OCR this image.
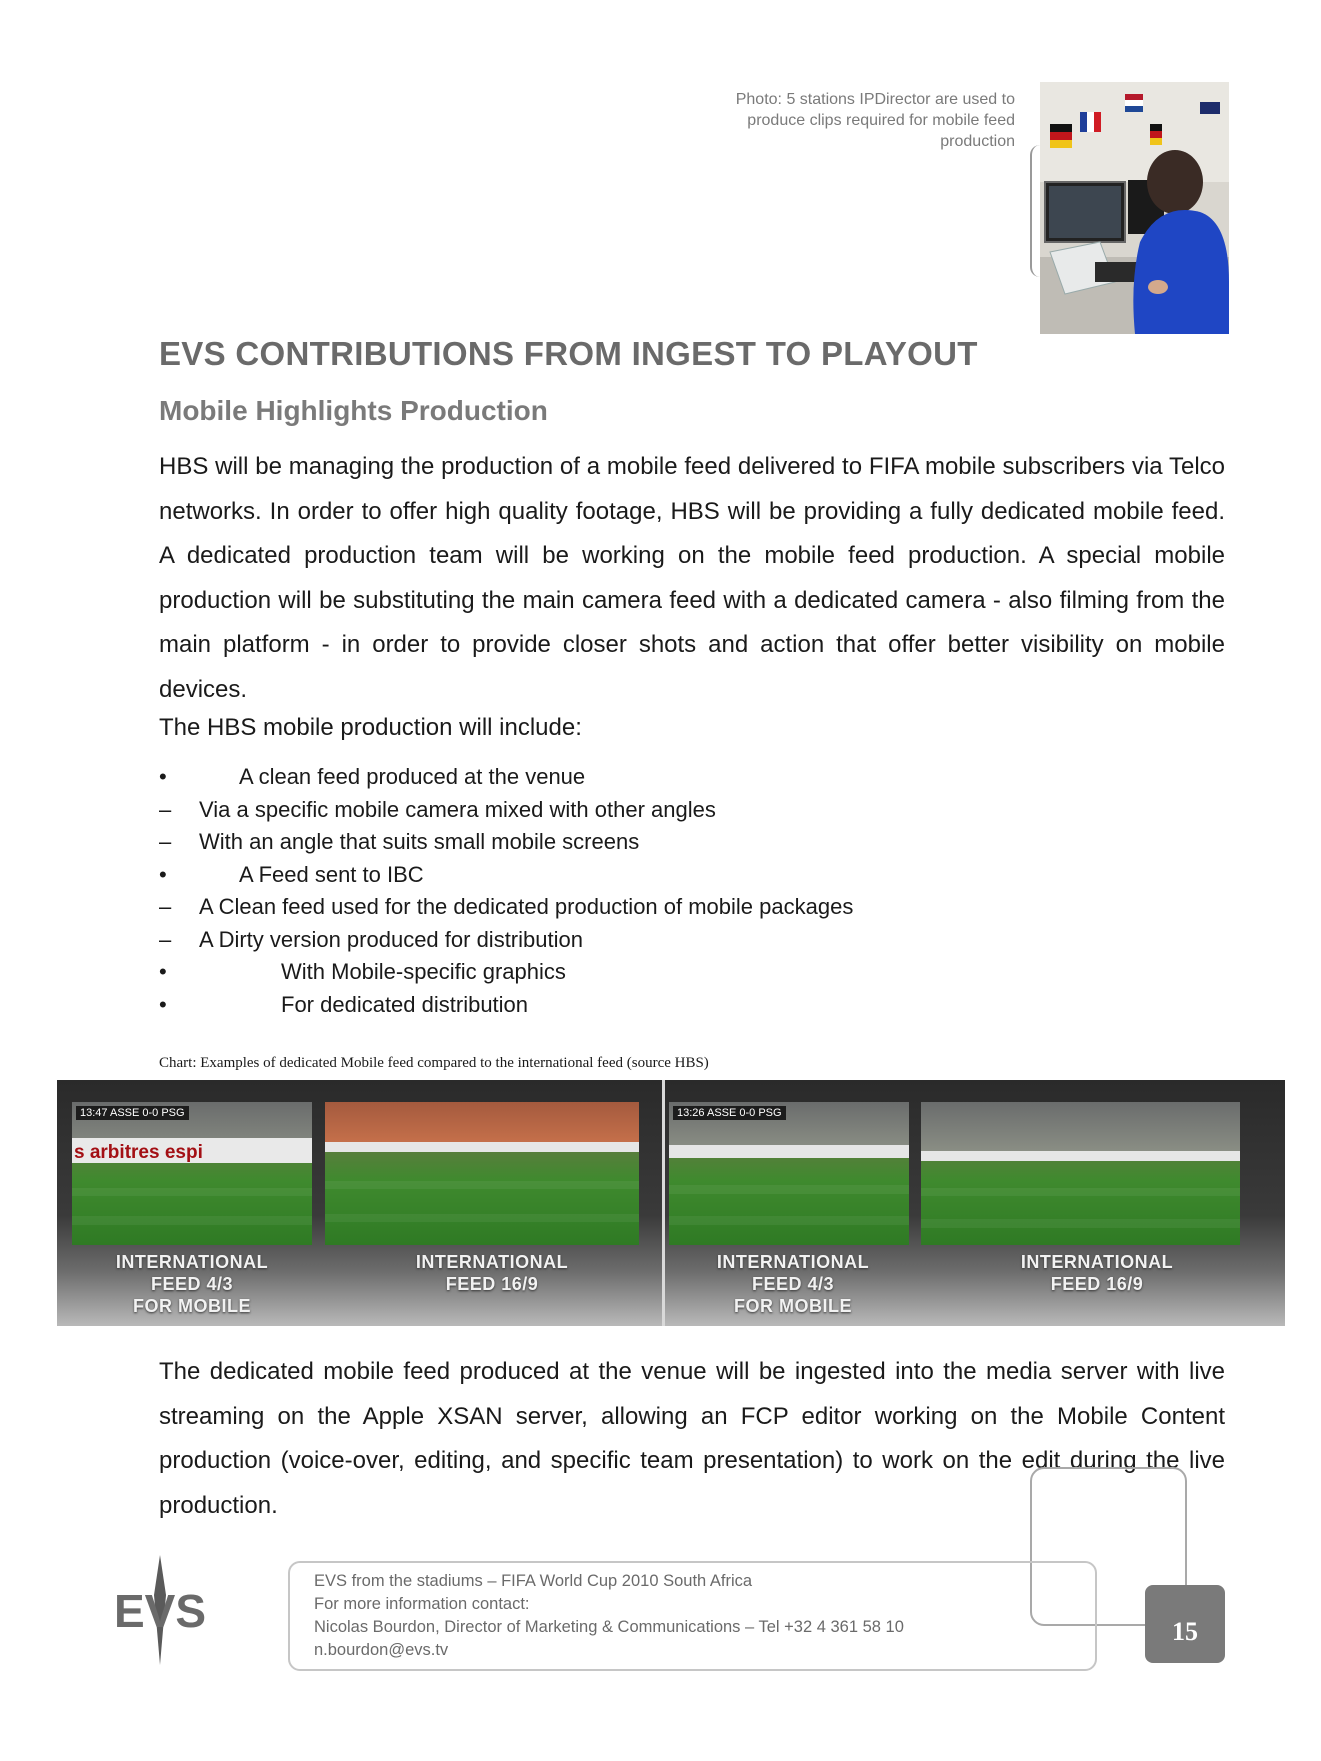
Photo: 5 stations IPDirector are used to
produce clips required for mobile feed
production
EVS CONTRIBUTIONS FROM INGEST TO PLAYOUT
Mobile Highlights Production

HBS will be managing the production of a mobile feed delivered to FIFA mobile subscribers via Telco networks. In order to offer high quality footage, HBS will be providing a fully dedicated mobile feed. A dedicated production team will be working on the mobile feed production. A special mobile production will be substituting the main camera feed with a dedicated camera - also filming from the main platform - in order to provide closer shots and action that offer better visibility on mobile devices.

The HBS mobile production will include:

•	A clean feed produced at the venue
– Via a specific mobile camera mixed with other angles
– With an angle that suits small mobile screens
•	A Feed sent to IBC
– A Clean feed used for the dedicated production of mobile packages
– A Dirty version produced for distribution
•	With Mobile-specific graphics
•	For dedicated distribution
Chart: Examples of dedicated Mobile feed compared to the international feed (source HBS)
13:47 ASSE 0-0 PSG
s arbitres espi
13:26 ASSE 0-0 PSG
INTERNATIONAL
FEED 4/3
FOR MOBILE
INTERNATIONAL
FEED 16/9
INTERNATIONAL
FEED 4/3
FOR MOBILE
INTERNATIONAL
FEED 16/9

The dedicated mobile feed produced at the venue will be ingested into the media server with live streaming on the Apple XSAN server, allowing an FCP editor working on the Mobile Content production (voice-over, editing, and specific team presentation) to work on the edit during the live production.

EVS
EVS from the stadiums – FIFA World Cup 2010 South Africa
For more information contact:
Nicolas Bourdon, Director of Marketing & Communications – Tel +32 4 361 58 10
n.bourdon@evs.tv
15
